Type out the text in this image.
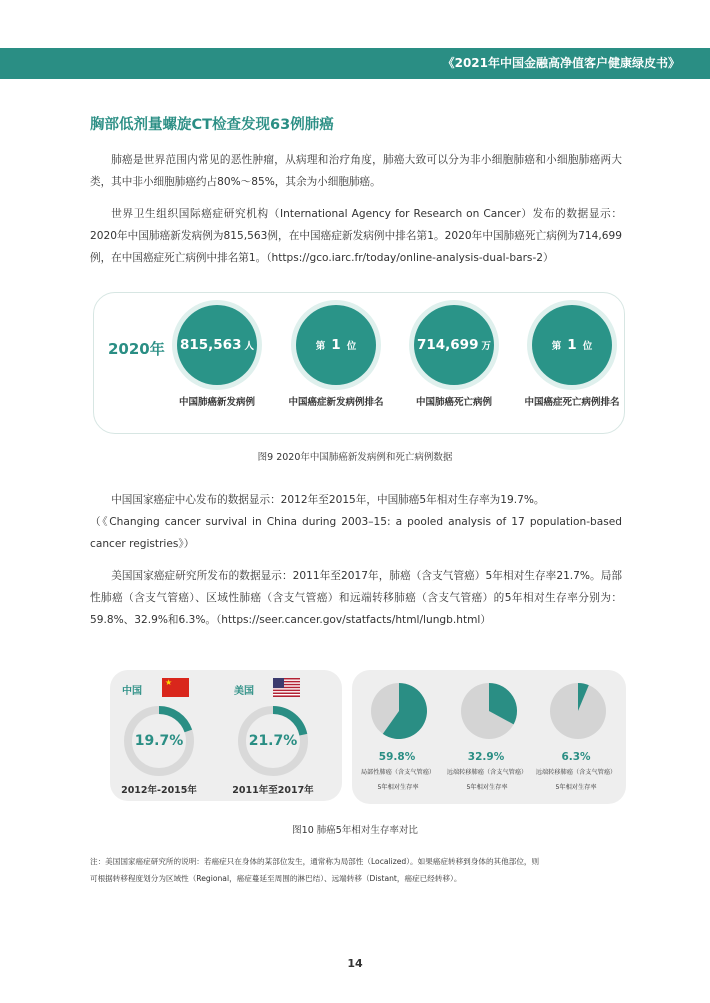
《2021年中国金融高净值客户健康绿皮书》
胸部低剂量螺旋CT检查发现63例肺癌

肺癌是世界范围内常见的恶性肿瘤，从病理和治疗角度，肺癌大致可以分为非小细胞肺癌和小细胞肺癌两大类，其中非小细胞肺癌约占80%～85%，其余为小细胞肺癌。

世界卫生组织国际癌症研究机构（International Agency for Research on Cancer）发布的数据显示：2020年中国肺癌新发病例为815,563例，在中国癌症新发病例中排名第1。2020年中国肺癌死亡病例为714,699例，在中国癌症死亡病例中排名第1。（https://gco.iarc.fr/today/online-analysis-dual-bars-2）

2020年 815,563 人	第 1 位	714,699 万	第 1 位
中国肺癌新发病例	中国癌症新发病例排名	中国肺癌死亡病例	中国癌症死亡病例排名
图9 2020年中国肺癌新发病例和死亡病例数据

中国国家癌症中心发布的数据显示：2012年至2015年，中国肺癌5年相对生存率为19.7%。

（《Changing cancer survival in China during 2003–15: a pooled analysis of 17 population-based cancer registries》）

美国国家癌症研究所发布的数据显示：2011年至2017年，肺癌（含支气管癌）5年相对生存率21.7%。局部性肺癌（含支气管癌）、区域性肺癌（含支气管癌）和远端转移肺癌（含支气管癌）的5年相对生存率分别为：59.8%、32.9%和6.3%。（https://seer.cancer.gov/statfacts/html/lungb.html）

中国
★
美国
19.7%	21.7%
2012年-2015年	2011年至2017年
59.8%	32.9%	6.3%
局部性肺癌（含支气管癌）
5年相对生存率
远端转移肺癌（含支气管癌）
5年相对生存率
远端转移肺癌（含支气管癌）
5年相对生存率
图10 肺癌5年相对生存率对比
注：美国国家癌症研究所的说明：若癌症只在身体的某部位发生，通常称为局部性（Localized）。如果癌症转移到身体的其他部位，则
可根据转移程度划分为区域性（Regional，癌症蔓延至周围的淋巴结）、远端转移（Distant，癌症已经转移）。
14
